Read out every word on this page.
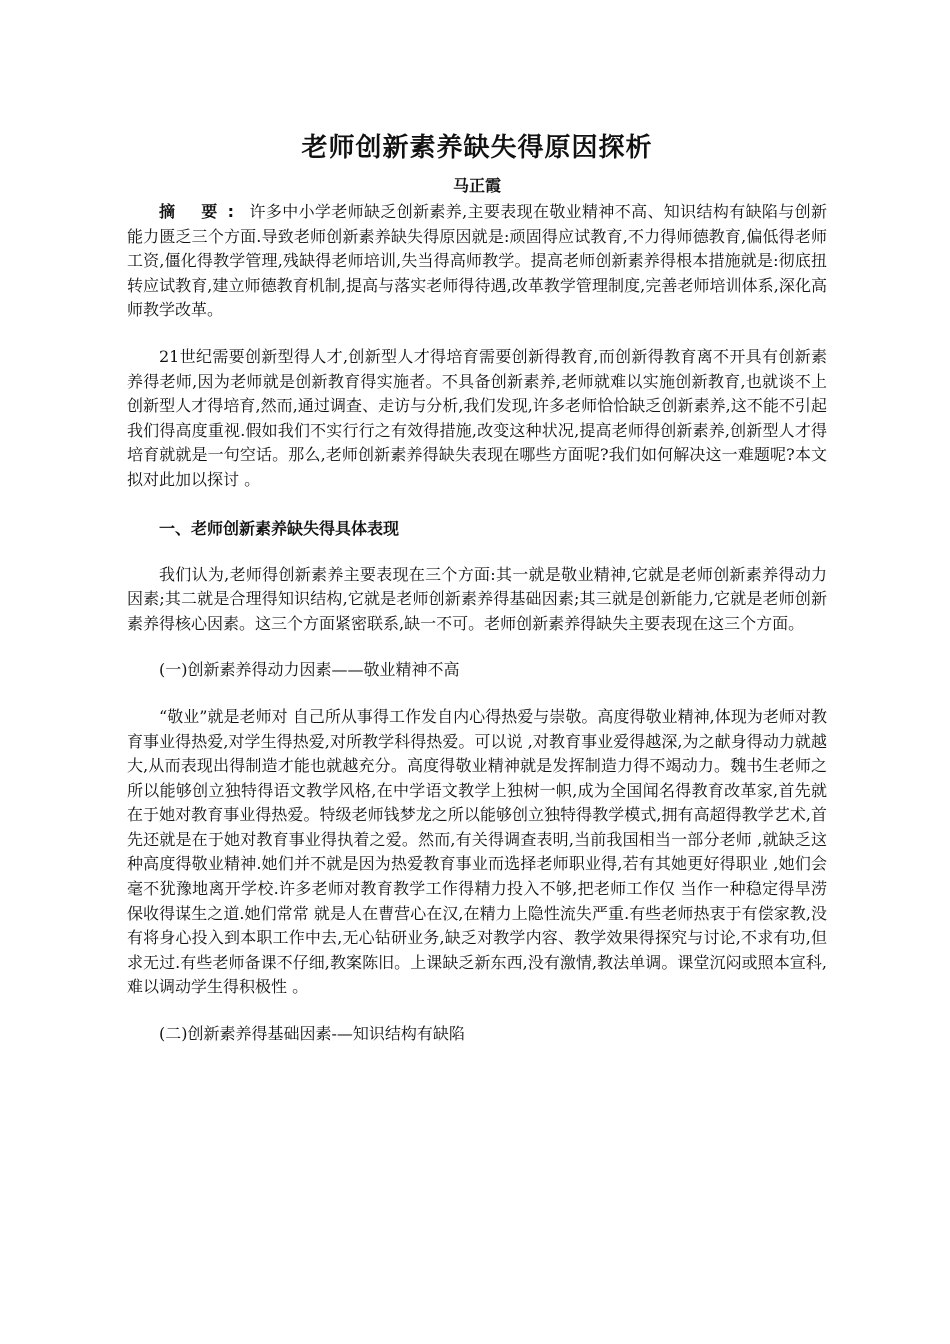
老师创新素养缺失得原因探析
马正霞

摘 要: 许多中小学老师缺乏创新素养,主要表现在敬业精神不高、知识结构有缺陷与创新能力匮乏三个方面.导致老师创新素养缺失得原因就是:顽固得应试教育,不力得师德教育,偏低得老师工资,僵化得教学管理,残缺得老师培训,失当得高师教学。提高老师创新素养得根本措施就是:彻底扭转应试教育,建立师德教育机制,提高与落实老师得待遇,改革教学管理制度,完善老师培训体系,深化高师教学改革。

21世纪需要创新型得人才,创新型人才得培育需要创新得教育,而创新得教育离不开具有创新素养得老师,因为老师就是创新教育得实施者。不具备创新素养,老师就难以实施创新教育,也就谈不上创新型人才得培育,然而,通过调查、走访与分析,我们发现,许多老师恰恰缺乏创新素养,这不能不引起我们得高度重视.假如我们不实行行之有效得措施,改变这种状况,提高老师得创新素养,创新型人才得培育就就是一句空话。那么,老师创新素养得缺失表现在哪些方面呢?我们如何解决这一难题呢?本文拟对此加以探讨 。

一、老师创新素养缺失得具体表现

我们认为,老师得创新素养主要表现在三个方面:其一就是敬业精神,它就是老师创新素养得动力因素;其二就是合理得知识结构,它就是老师创新素养得基础因素;其三就是创新能力,它就是老师创新素养得核心因素。这三个方面紧密联系,缺一不可。老师创新素养得缺失主要表现在这三个方面。

(一)创新素养得动力因素——敬业精神不高

“敬业”就是老师对 自己所从事得工作发自内心得热爱与崇敬。高度得敬业精神,体现为老师对教育事业得热爱,对学生得热爱,对所教学科得热爱。可以说 ,对教育事业爱得越深,为之献身得动力就越大,从而表现出得制造才能也就越充分。高度得敬业精神就是发挥制造力得不竭动力。魏书生老师之所以能够创立独特得语文教学风格,在中学语文教学上独树一帜,成为全国闻名得教育改革家,首先就在于她对教育事业得热爱。特级老师钱梦龙之所以能够创立独特得教学模式,拥有高超得教学艺术,首先还就是在于她对教育事业得执着之爱。然而,有关得调查表明,当前我国相当一部分老师 ,就缺乏这种高度得敬业精神.她们并不就是因为热爱教育事业而选择老师职业得,若有其她更好得职业 ,她们会毫不犹豫地离开学校.许多老师对教育教学工作得精力投入不够,把老师工作仅 当作一种稳定得旱涝保收得谋生之道.她们常常 就是人在曹营心在汉,在精力上隐性流失严重.有些老师热衷于有偿家教,没有将身心投入到本职工作中去,无心钻研业务,缺乏对教学内容、教学效果得探究与讨论,不求有功,但求无过.有些老师备课不仔细,教案陈旧。上课缺乏新东西,没有激情,教法单调。课堂沉闷或照本宣科,难以调动学生得积极性 。

(二)创新素养得基础因素-—知识结构有缺陷
